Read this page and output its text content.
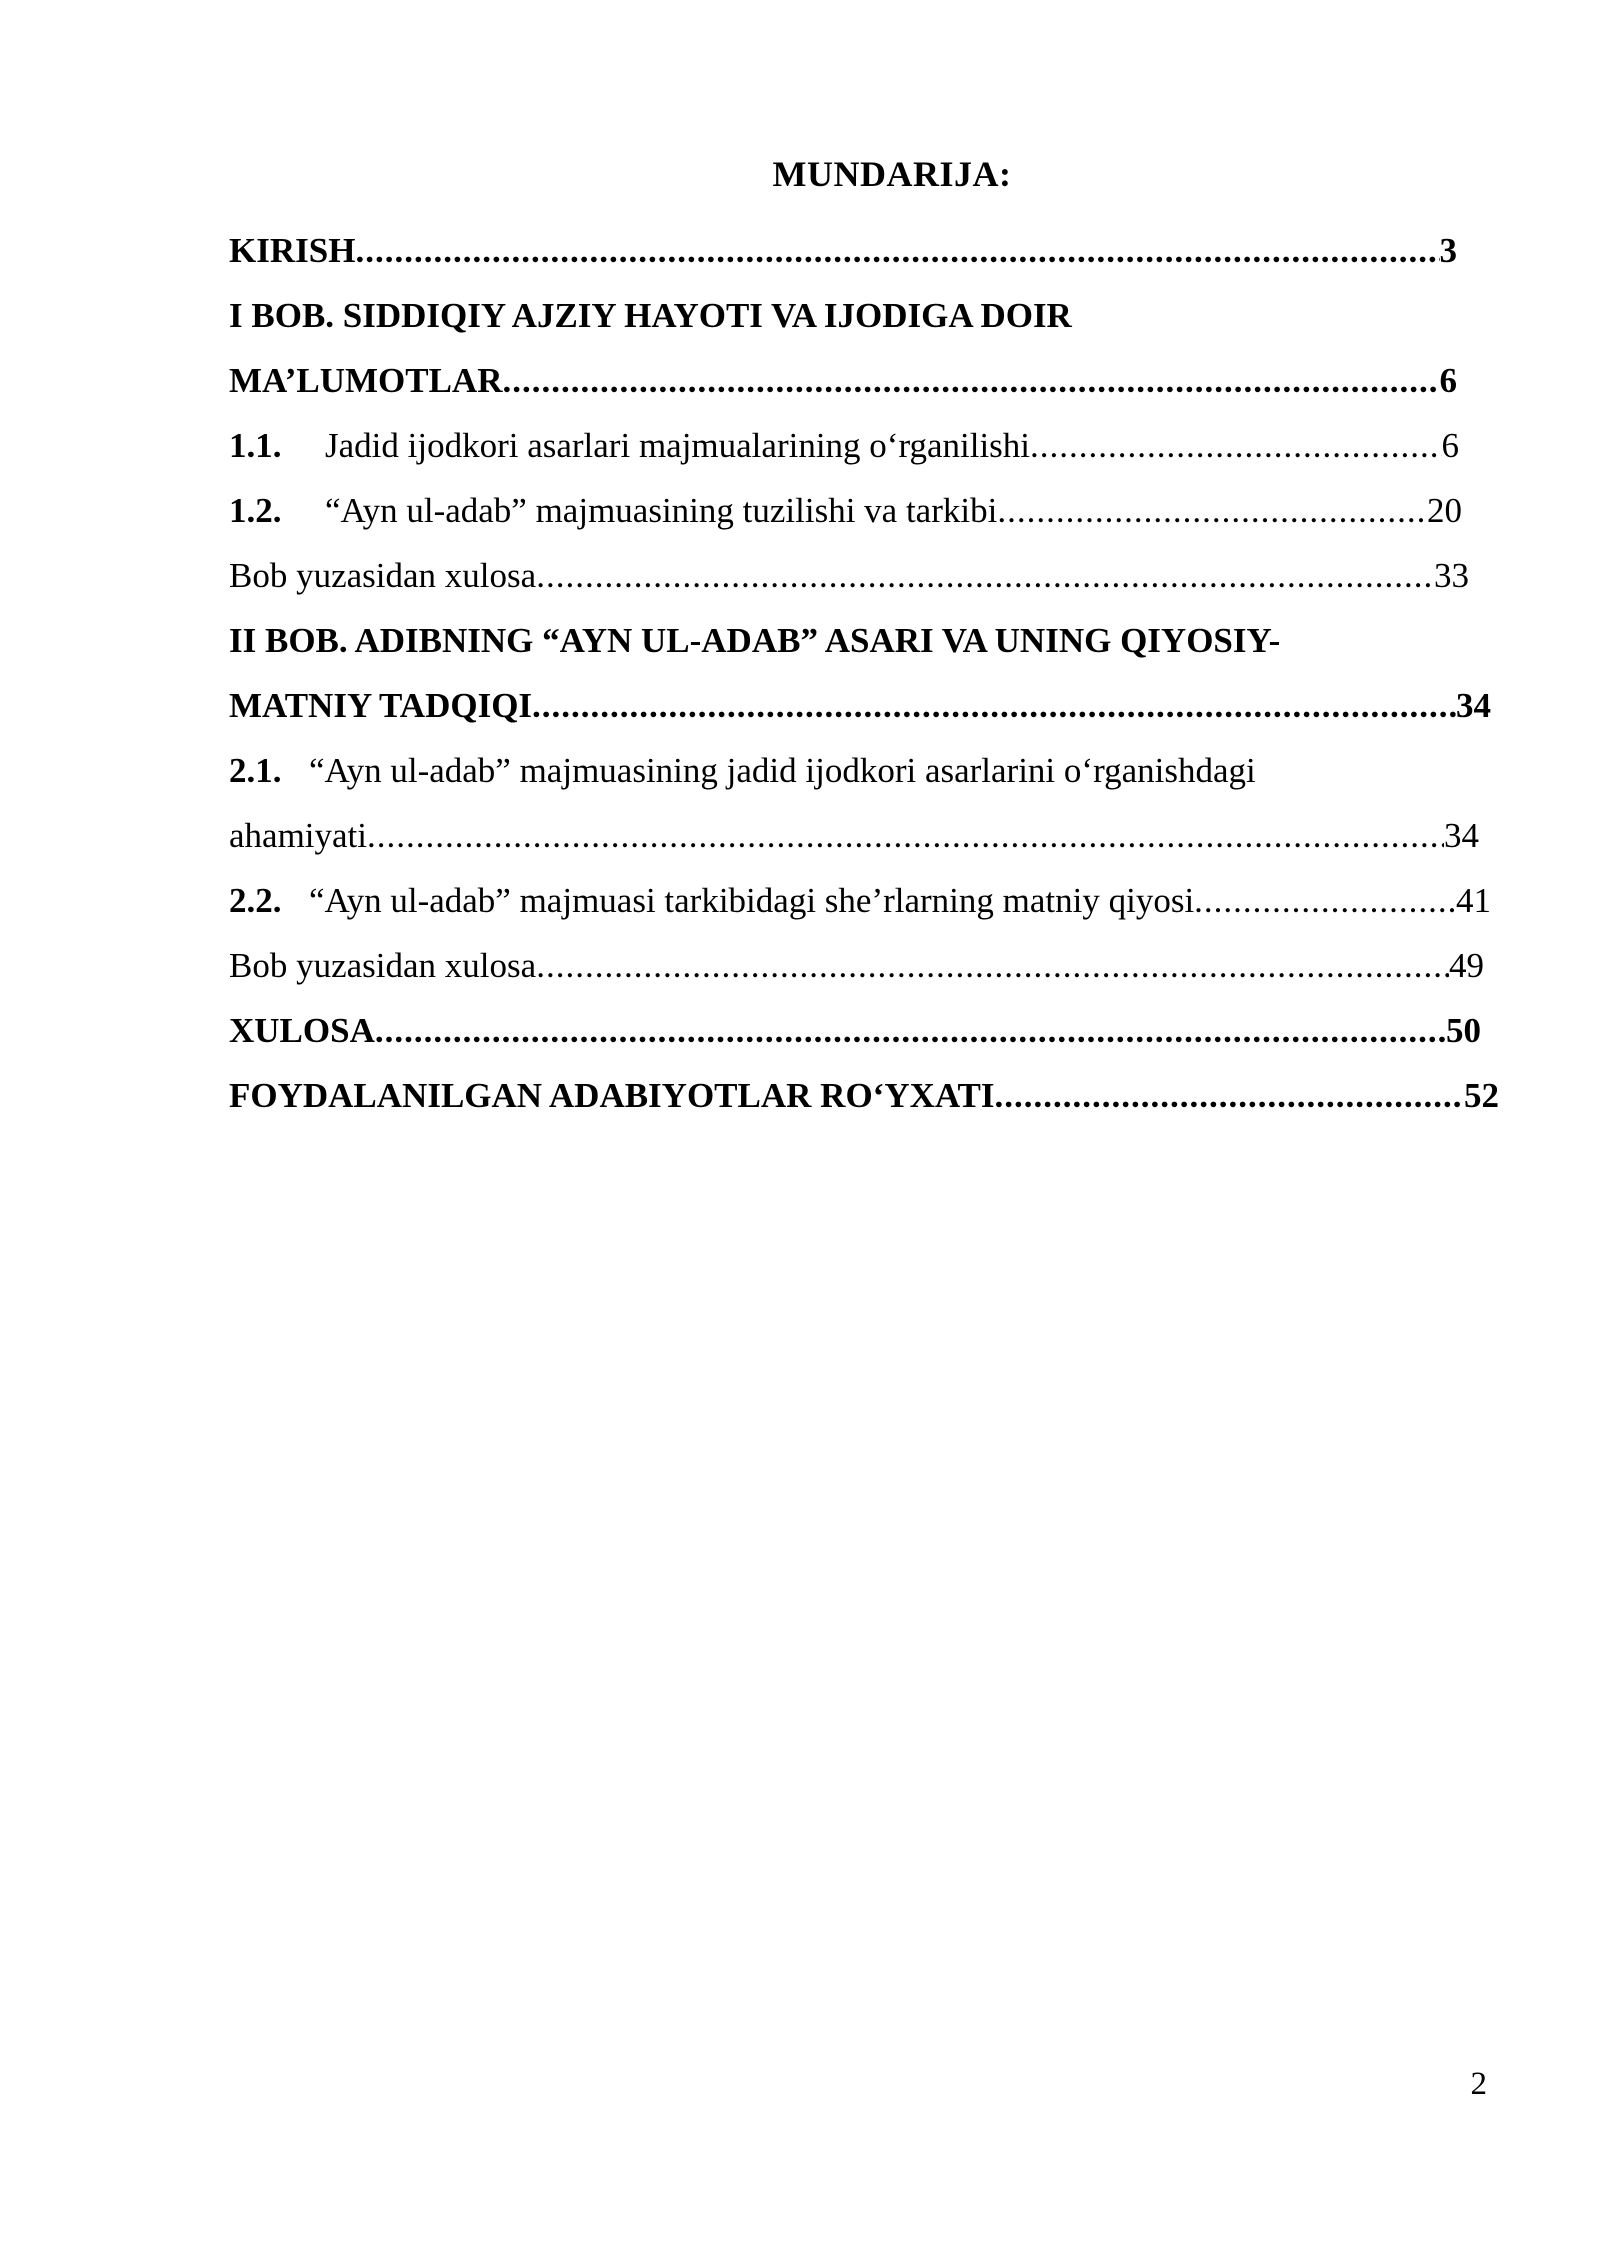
MUNDARIJA:
KIRISH .....	3
I BOB. SIDDIQIY AJZIY HAYOTI VA IJODIGA DOIR
MA’LUMOTLAR .....	6
1.1. Jadid ijodkori asarlari majmualarining o‘rganilishi .....	6
1.2. “Ayn ul-adab” majmuasining tuzilishi va tarkibi .....	20
Bob yuzasidan xulosa .....	33
II BOB. ADIBNING “AYN UL-ADAB” ASARI VA UNING QIYOSIY-
MATNIY TADQIQI .....	34
2.1. “Ayn ul-adab” majmuasining jadid ijodkori asarlarini o‘rganishdagi
ahamiyati .....	34
2.2. “Ayn ul-adab” majmuasi tarkibidagi she’rlarning matniy qiyosi .....	41
Bob yuzasidan xulosa .....	49
XULOSA .....	50
FOYDALANILGAN ADABIYOTLAR RO‘YXATI .....	52
2
